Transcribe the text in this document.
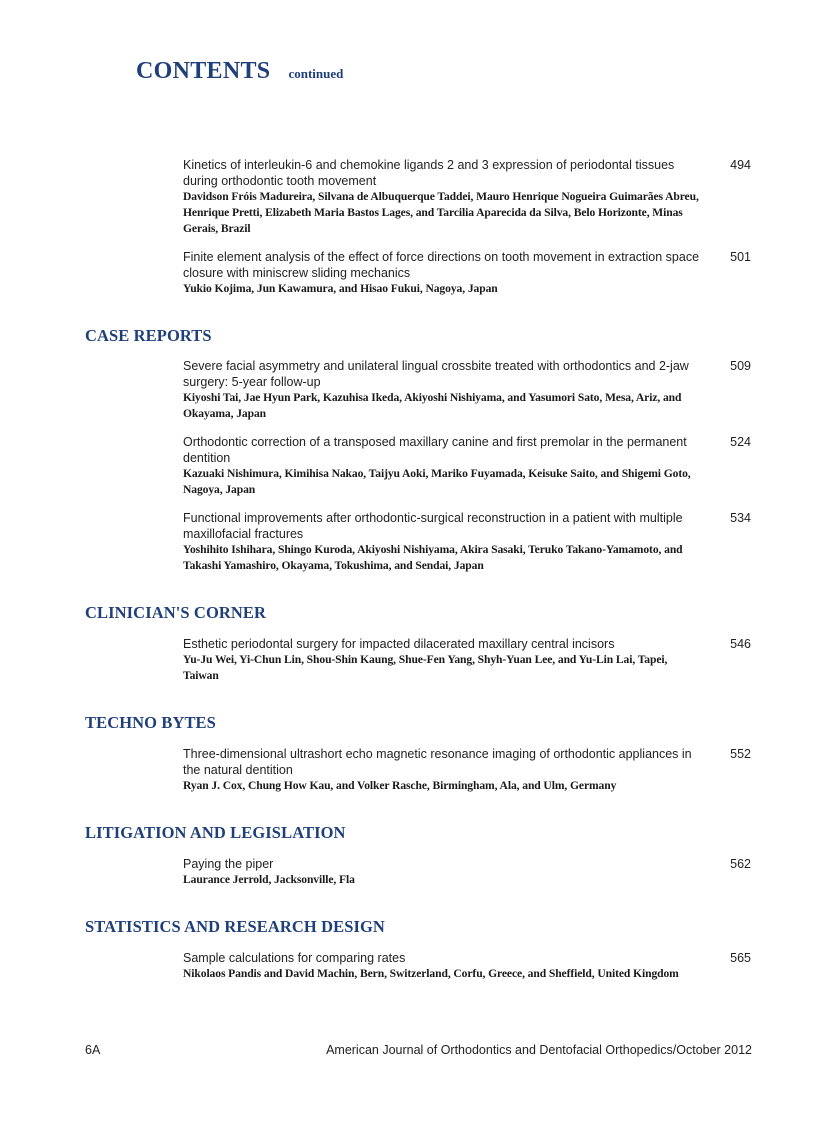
CONTENTS continued
Kinetics of interleukin-6 and chemokine ligands 2 and 3 expression of periodontal tissues during orthodontic tooth movement
Davidson Fróis Madureira, Silvana de Albuquerque Taddei, Mauro Henrique Nogueira Guimarães Abreu, Henrique Pretti, Elizabeth Maria Bastos Lages, and Tarcilia Aparecida da Silva, Belo Horizonte, Minas Gerais, Brazil
494
Finite element analysis of the effect of force directions on tooth movement in extraction space closure with miniscrew sliding mechanics
Yukio Kojima, Jun Kawamura, and Hisao Fukui, Nagoya, Japan
501
CASE REPORTS
Severe facial asymmetry and unilateral lingual crossbite treated with orthodontics and 2-jaw surgery: 5-year follow-up
Kiyoshi Tai, Jae Hyun Park, Kazuhisa Ikeda, Akiyoshi Nishiyama, and Yasumori Sato, Mesa, Ariz, and Okayama, Japan
509
Orthodontic correction of a transposed maxillary canine and first premolar in the permanent dentition
Kazuaki Nishimura, Kimihisa Nakao, Taijyu Aoki, Mariko Fuyamada, Keisuke Saito, and Shigemi Goto, Nagoya, Japan
524
Functional improvements after orthodontic-surgical reconstruction in a patient with multiple maxillofacial fractures
Yoshihito Ishihara, Shingo Kuroda, Akiyoshi Nishiyama, Akira Sasaki, Teruko Takano-Yamamoto, and Takashi Yamashiro, Okayama, Tokushima, and Sendai, Japan
534
CLINICIAN'S CORNER
Esthetic periodontal surgery for impacted dilacerated maxillary central incisors
Yu-Ju Wei, Yi-Chun Lin, Shou-Shin Kaung, Shue-Fen Yang, Shyh-Yuan Lee, and Yu-Lin Lai, Tapei, Taiwan
546
TECHNO BYTES
Three-dimensional ultrashort echo magnetic resonance imaging of orthodontic appliances in the natural dentition
Ryan J. Cox, Chung How Kau, and Volker Rasche, Birmingham, Ala, and Ulm, Germany
552
LITIGATION AND LEGISLATION
Paying the piper
Laurance Jerrold, Jacksonville, Fla
562
STATISTICS AND RESEARCH DESIGN
Sample calculations for comparing rates
Nikolaos Pandis and David Machin, Bern, Switzerland, Corfu, Greece, and Sheffield, United Kingdom
565
6A	American Journal of Orthodontics and Dentofacial Orthopedics/October 2012
